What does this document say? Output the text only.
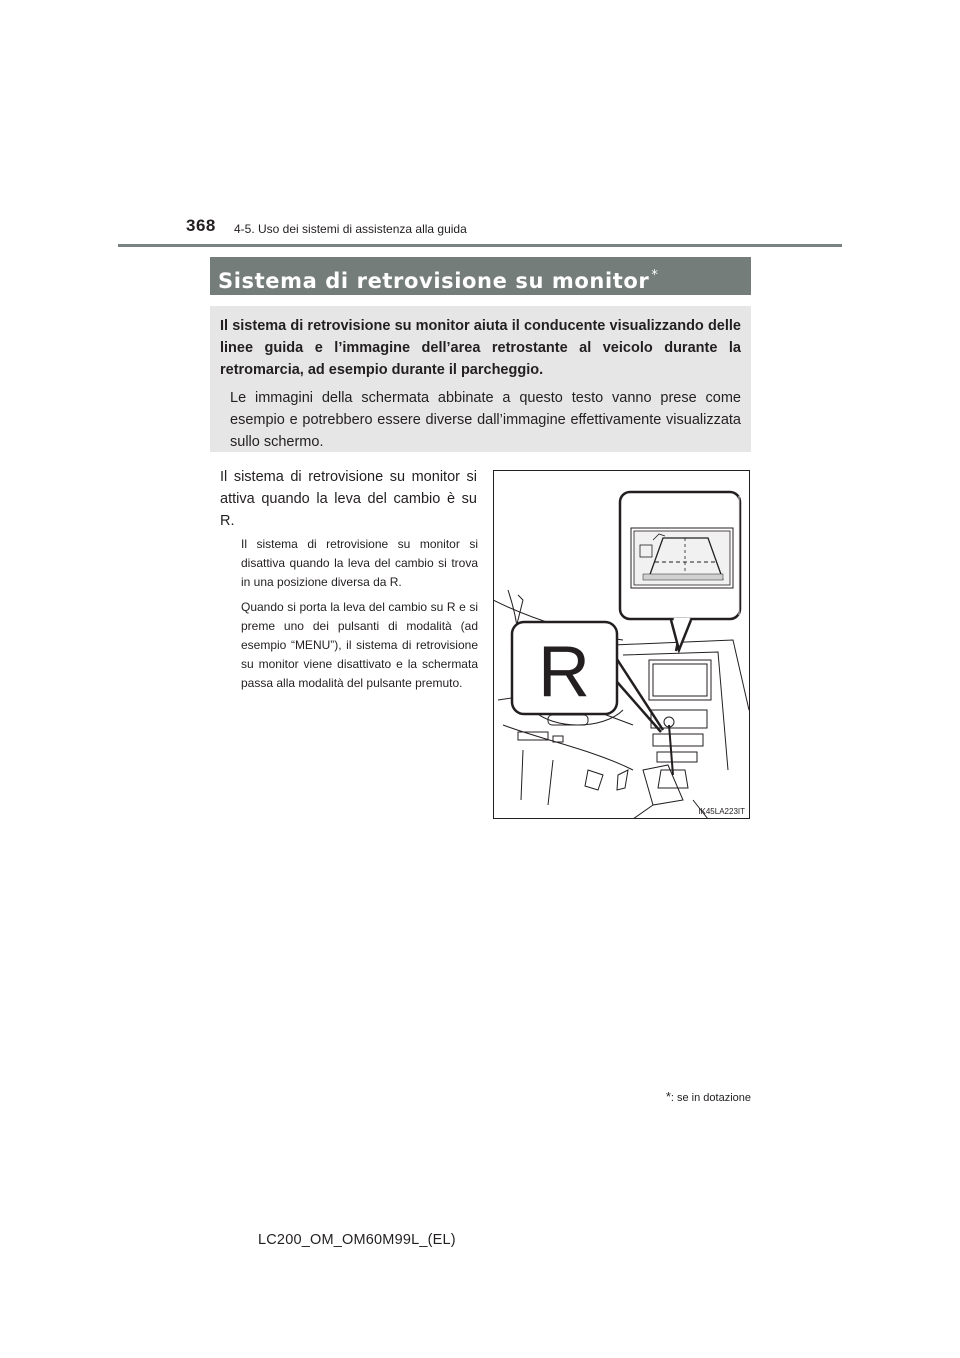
368 4-5. Uso dei sistemi di assistenza alla guida
Sistema di retrovisione su monitor *

Il sistema di retrovisione su monitor aiuta il conducente visualizzando delle linee guida e l’immagine dell’area retrostante al veicolo durante la retromarcia, ad esempio durante il parcheggio.

Le immagini della schermata abbinate a questo testo vanno prese come esempio e potrebbero essere diverse dall’immagine effettivamente visualizzata sullo schermo.

Il sistema di retrovisione su monitor si attiva quando la leva del cambio è su R.

Il sistema di retrovisione su monitor si disattiva quando la leva del cambio si trova in una posizione diversa da R.

Quando si porta la leva del cambio su R e si preme uno dei pulsanti di modalità (ad esempio “MENU”), il sistema di retrovisione su monitor viene disattivato e la schermata passa alla modalità del pulsante premuto. R
IK45LA223IT
*: se in dotazione
LC200_OM_OM60M99L_(EL)
